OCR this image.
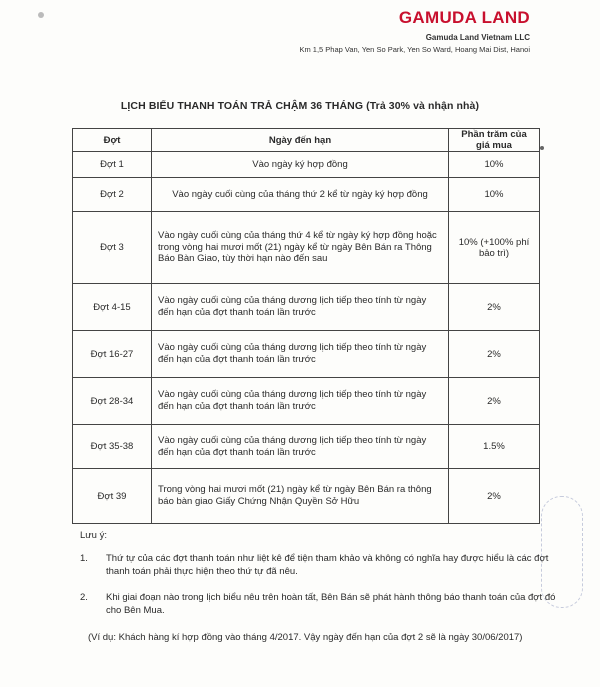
GAMUDA LAND
Gamuda Land Vietnam LLC
Km 1,5 Phap Van, Yen So Park, Yen So Ward, Hoang Mai Dist, Hanoi
LỊCH BIỂU THANH TOÁN TRẢ CHẬM 36 THÁNG (Trả 30% và nhận nhà)
Đợt	Ngày đến hạn	Phần trăm của giá mua
Đợt 1	Vào ngày ký hợp đồng	10%
Đợt 2	Vào ngày cuối cùng của tháng thứ 2 kể từ ngày ký hợp đồng	10%
Đợt 3	Vào ngày cuối cùng của tháng thứ 4 kể từ ngày ký hợp đồng hoặc trong vòng hai mươi mốt (21) ngày kể từ ngày Bên Bán ra Thông Báo Bàn Giao, tùy thời hạn nào đến sau	10% (+100% phí bảo trì)
Đợt 4-15	Vào ngày cuối cùng của tháng dương lịch tiếp theo tính từ ngày đến hạn của đợt thanh toán lần trước	2%
Đợt 16-27	Vào ngày cuối cùng của tháng dương lịch tiếp theo tính từ ngày đến hạn của đợt thanh toán lần trước	2%
Đợt 28-34	Vào ngày cuối cùng của tháng dương lịch tiếp theo tính từ ngày đến hạn của đợt thanh toán lần trước	2%
Đợt 35-38	Vào ngày cuối cùng của tháng dương lịch tiếp theo tính từ ngày đến hạn của đợt thanh toán lần trước	1.5%
Đợt 39	Trong vòng hai mươi mốt (21) ngày kể từ ngày Bên Bán ra thông báo bàn giao Giấy Chứng Nhận Quyền Sở Hữu	2%
Lưu ý:
1. Thứ tự của các đợt thanh toán như liệt kê để tiện tham khảo và không có nghĩa hay được hiểu là các đợt thanh toán phải thực hiện theo thứ tự đã nêu.
2. Khi giai đoạn nào trong lịch biểu nêu trên hoàn tất, Bên Bán sẽ phát hành thông báo thanh toán của đợt đó cho Bên Mua.
(Ví dụ: Khách hàng kí hợp đồng vào tháng 4/2017. Vậy ngày đến hạn của đợt 2 sẽ là ngày 30/06/2017)
